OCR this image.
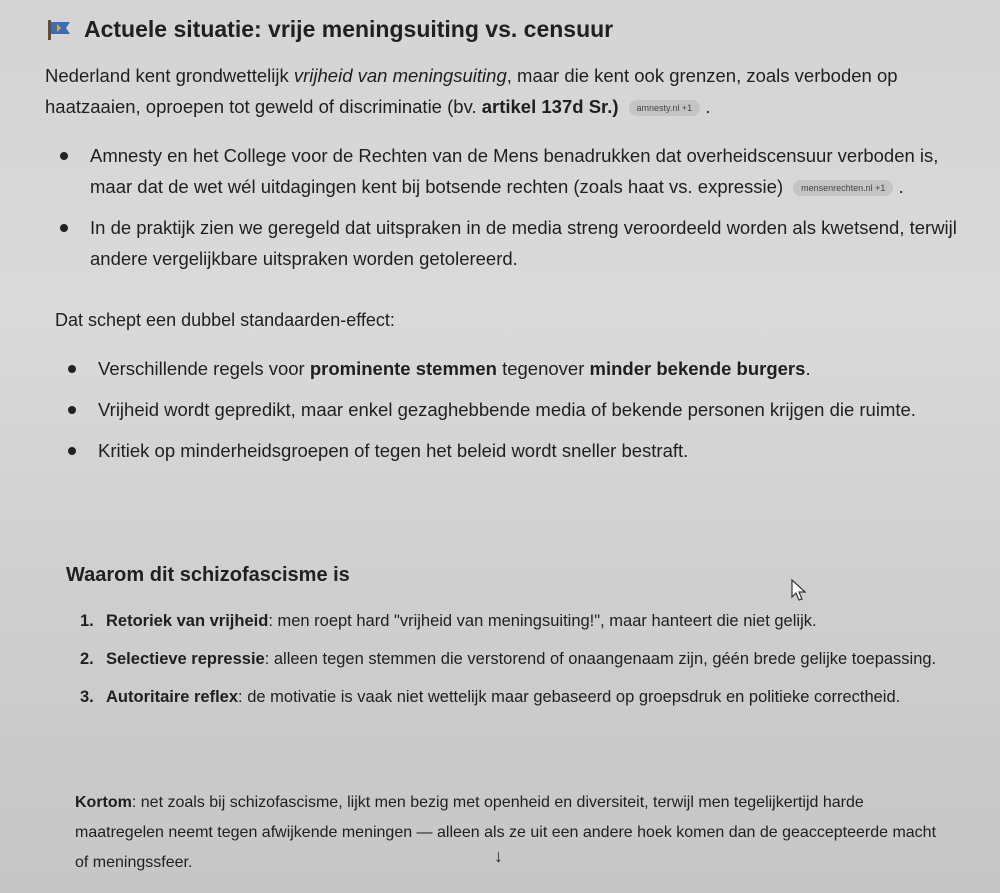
Actuele situatie: vrije meningsuiting vs. censuur
Nederland kent grondwettelijk vrijheid van meningsuiting, maar die kent ook grenzen, zoals verboden op haatzaaien, oproepen tot geweld of discriminatie (bv. artikel 137d Sr.) amnesty.nl +1 .
Amnesty en het College voor de Rechten van de Mens benadrukken dat overheidscensuur verboden is, maar dat de wet wél uitdagingen kent bij botsende rechten (zoals haat vs. expressie) mensenrechten.nl +1 .
In de praktijk zien we geregeld dat uitspraken in de media streng veroordeeld worden als kwetsend, terwijl andere vergelijkbare uitspraken worden getolereerd.
Dat schept een dubbel standaarden-effect:
Verschillende regels voor prominente stemmen tegenover minder bekende burgers.
Vrijheid wordt gepredikt, maar enkel gezaghebbende media of bekende personen krijgen die ruimte.
Kritiek op minderheidsgroepen of tegen het beleid wordt sneller bestraft.
Waarom dit schizofascisme is
1. Retoriek van vrijheid: men roept hard "vrijheid van meningsuiting!", maar hanteert die niet gelijk.
2. Selectieve repressie: alleen tegen stemmen die verstorend of onaangenaam zijn, géén brede gelijke toepassing.
3. Autoritaire reflex: de motivatie is vaak niet wettelijk maar gebaseerd op groepsdruk en politieke correctheid.
Kortom: net zoals bij schizofascisme, lijkt men bezig met openheid en diversiteit, terwijl men tegelijkertijd harde maatregelen neemt tegen afwijkende meningen — alleen als ze uit een andere hoek komen dan de geaccepteerde macht of meningssfeer.	↓
